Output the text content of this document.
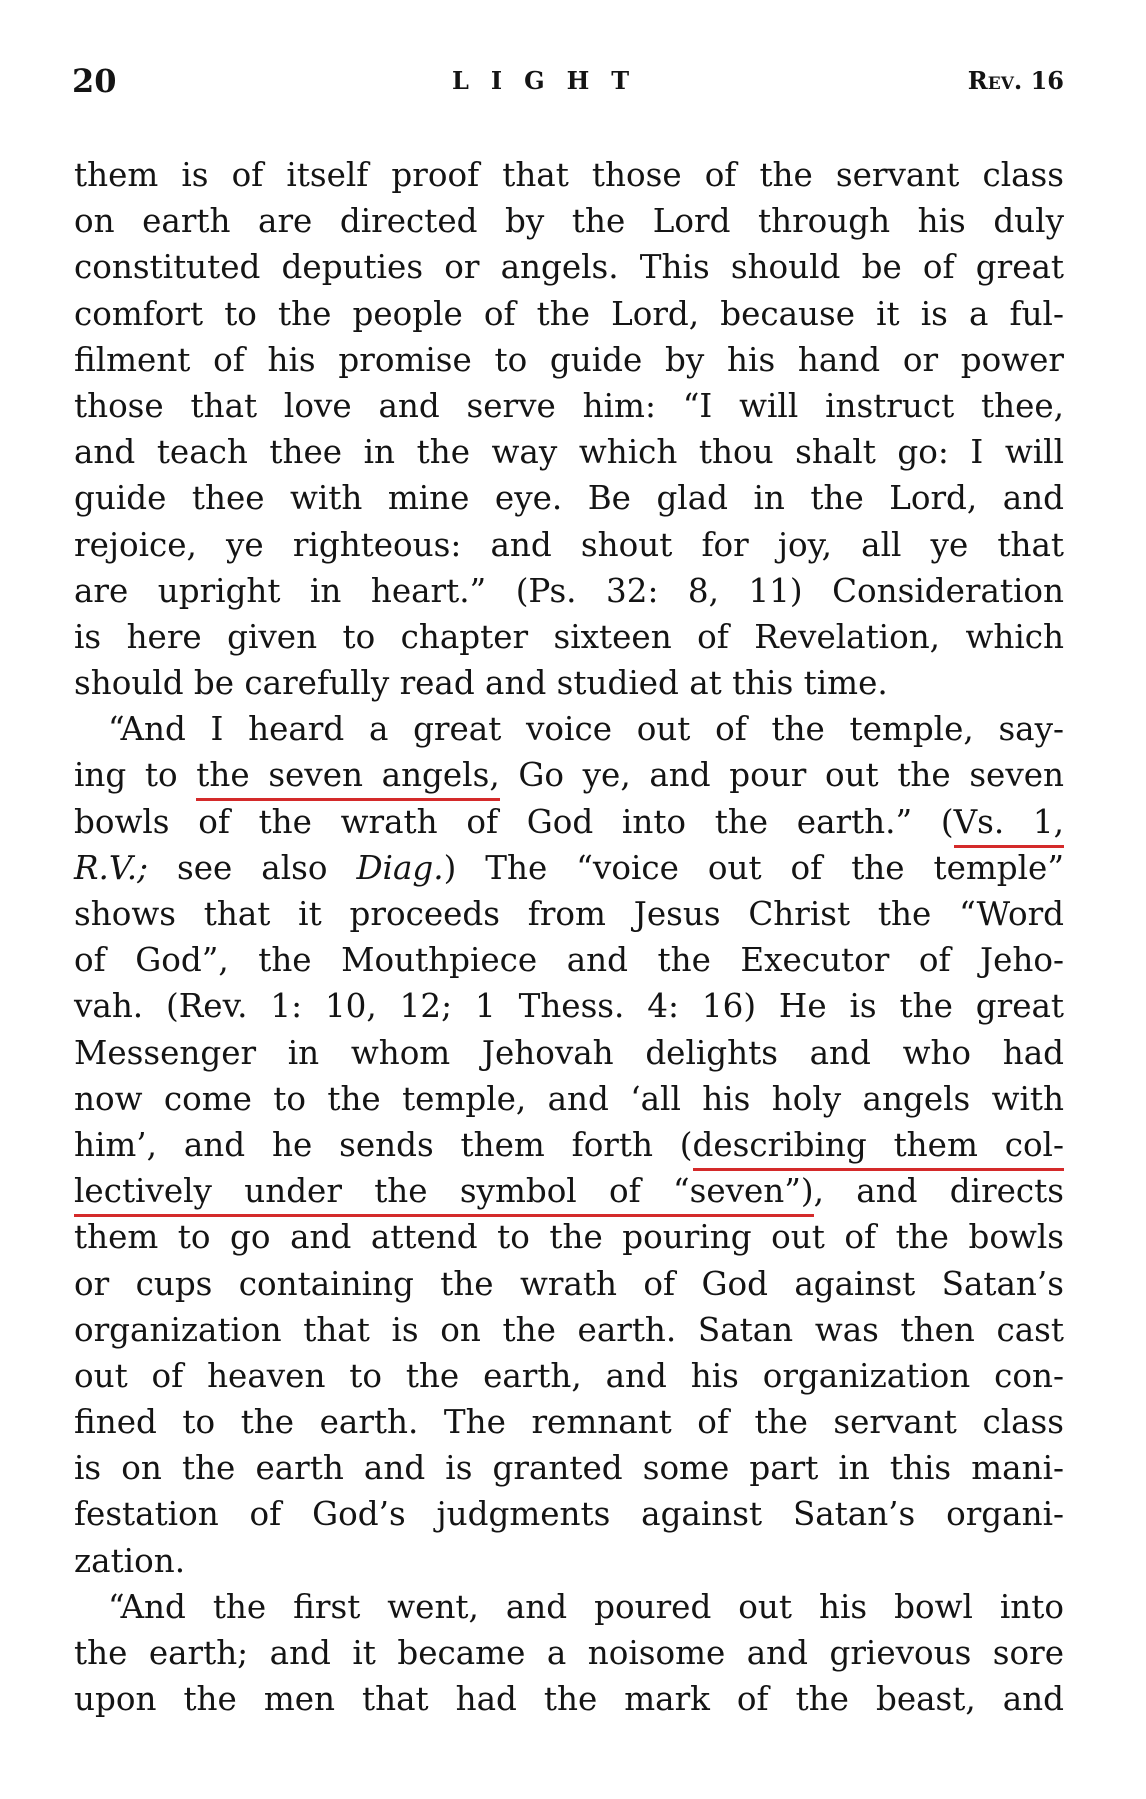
20	LIGHT	Rev. 16
them is of itself proof that those of the servant class
on earth are directed by the Lord through his duly
constituted deputies or angels. This should be of great
comfort to the people of the Lord, because it is a ful-
filment of his promise to guide by his hand or power
those that love and serve him: “I will instruct thee,
and teach thee in the way which thou shalt go: I will
guide thee with mine eye. Be glad in the Lord, and
rejoice, ye righteous: and shout for joy, all ye that
are upright in heart.” (Ps. 32: 8, 11) Consideration
is here given to chapter sixteen of Revelation, which
should be carefully read and studied at this time.
“And I heard a great voice out of the temple, say-
ing to the seven angels, Go ye, and pour out the seven
bowls of the wrath of God into the earth.” (Vs. 1,
R.V.; see also Diag.) The “voice out of the temple”
shows that it proceeds from Jesus Christ the “Word
of God”, the Mouthpiece and the Executor of Jeho-
vah. (Rev. 1: 10, 12; 1 Thess. 4: 16) He is the great
Messenger in whom Jehovah delights and who had
now come to the temple, and ‘all his holy angels with
him’, and he sends them forth (describing them col-
lectively under the symbol of “seven”), and directs
them to go and attend to the pouring out of the bowls
or cups containing the wrath of God against Satan’s
organization that is on the earth. Satan was then cast
out of heaven to the earth, and his organization con-
fined to the earth. The remnant of the servant class
is on the earth and is granted some part in this mani-
festation of God’s judgments against Satan’s organi-
zation.
“And the first went, and poured out his bowl into
the earth; and it became a noisome and grievous sore
upon the men that had the mark of the beast, and
